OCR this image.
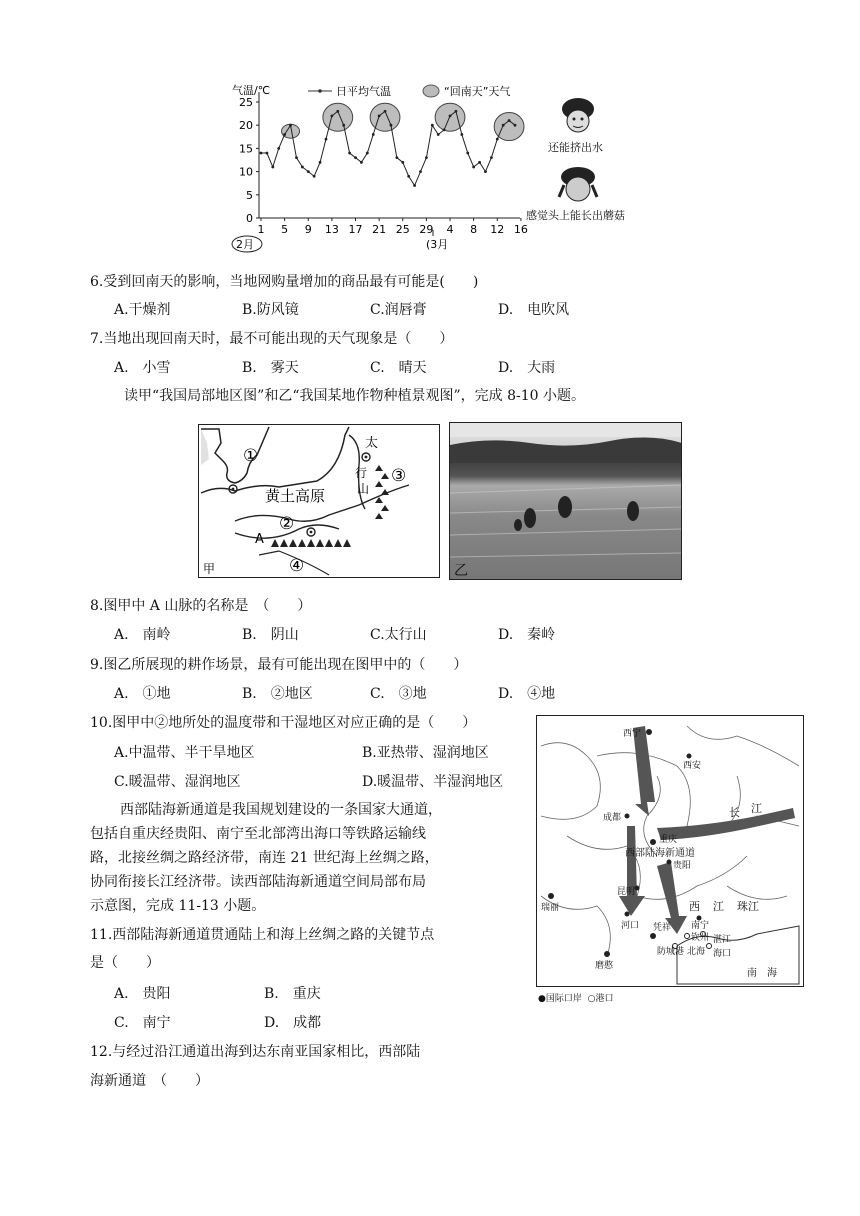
气温/℃
0
5
10
15
20
25
1 5 9 13 17 21 25 29 4 8 12 16
日平均气温	“回南天”天气
2月	(3月
还能挤出水
感觉头上能长出蘑菇
6.受到回南天的影响，当地网购量增加的商品最有可能是(　　)
A.干燥剂	B.防风镜	C.润唇膏	D.　电吹风
7.当地出现回南天时，最不可能出现的天气现象是（　　）
A.　小雪	B.　雾天	C.　晴天	D.　大雨
读甲“我国局部地区图”和乙“我国某地作物种植景观图”，完成 8-10 小题。
①
黄土高原
②
A
④
③
太
行
山
甲	乙
8.图甲中 A 山脉的名称是　（　　）
A.　南岭	B.　阴山	C.太行山	D.　秦岭
9.图乙所展现的耕作场景，最有可能出现在图甲中的（　　）
A.　①地	B.　②地区	C.　③地	D.　④地
10.图甲中②地所处的温度带和干湿地区对应正确的是（　　）
A.中温带、半干旱地区	B.亚热带、湿润地区
C.暖温带、湿润地区	D.暖温带、半湿润地区
西部陆海新通道是我国规划建设的一条国家大通道，
包括自重庆经贵阳、南宁至北部湾出海口等铁路运输线
路，北接丝绸之路经济带，南连 21 世纪海上丝绸之路，
协同衔接长江经济带。读西部陆海新通道空间局部布局
示意图，完成 11-13 小题。
西宁
西安
成都
重庆
西部陆海新通道
贵阳
昆明
瑞丽
河口 凭祥
磨憨
南宁
钦州
防城港 北海
湛江
海口
长 江
西 江 珠江
南　海
●国际口岸 ○港口
11.西部陆海新通道贯通陆上和海上丝绸之路的关键节点
是（　　）
A.　贵阳	B.　重庆
C.　南宁	D.　成都
12.与经过沿江通道出海到达东南亚国家相比，西部陆
海新通道　（　　）
